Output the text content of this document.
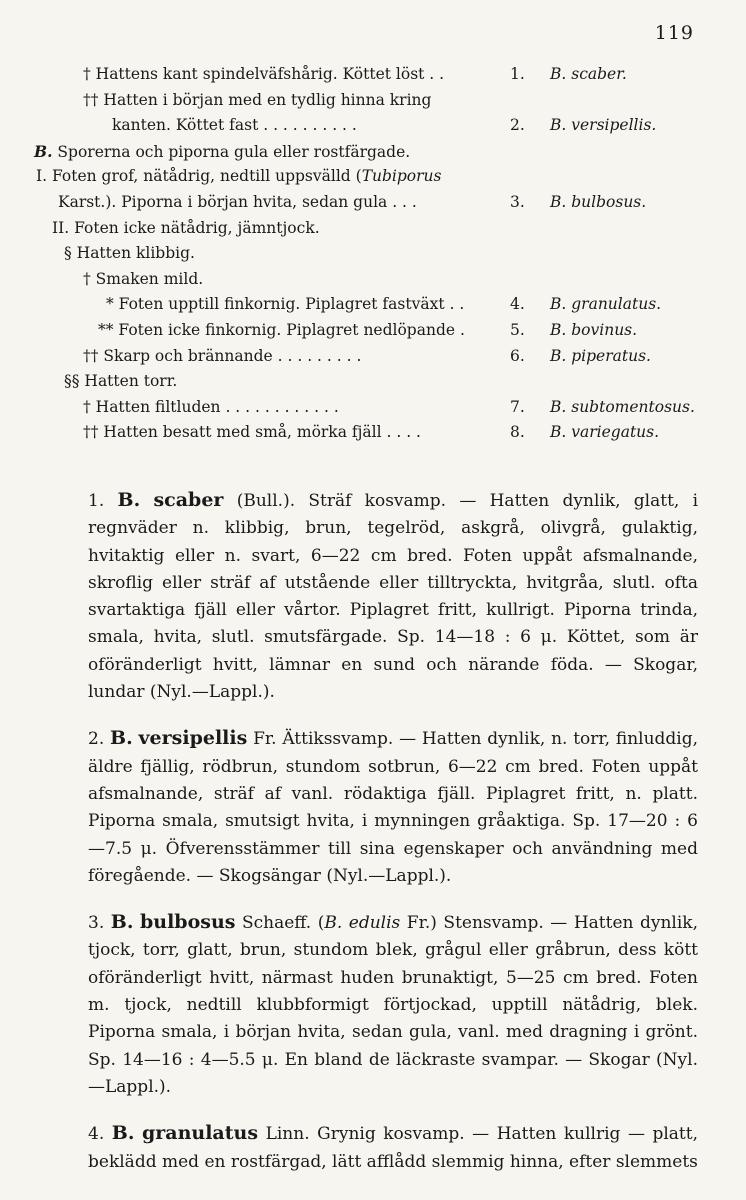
119
† Hattens kant spindelväfshårig. Köttet löst . .	1. B. scaber.
†† Hatten i början med en tydlig hinna kring
kanten. Köttet fast . . . . . . . . . .	2. B. versipellis.
B. Sporerna och piporna gula eller rostfärgade.
I. Foten grof, nätådrig, nedtill uppsvälld (Tubiporus
Karst.). Piporna i början hvita, sedan gula . . .	3. B. bulbosus.
II. Foten icke nätådrig, jämntjock.
§ Hatten klibbig.
† Smaken mild.
* Foten upptill finkornig. Piplagret fastväxt . .	4. B. granulatus.
** Foten icke finkornig. Piplagret nedlöpande .	5. B. bovinus.
†† Skarp och brännande . . . . . . . . .	6. B. piperatus.
§§ Hatten torr.
† Hatten filtluden . . . . . . . . . . . .	7. B. subtomentosus.
†† Hatten besatt med små, mörka fjäll . . . .	8. B. variegatus.

1. B. scaber (Bull.). Sträf kosvamp. — Hatten dynlik, glatt, i regnväder n. klibbig, brun, tegelröd, askgrå, olivgrå, gulaktig, hvitaktig eller n. svart, 6—22 cm bred. Foten uppåt afsmalnande, skroflig eller sträf af utstående eller tilltryckta, hvitgråa, slutl. ofta svartaktiga fjäll eller vårtor. Piplagret fritt, kullrigt. Piporna trinda, smala, hvita, slutl. smutsfärgade. Sp. 14—18 : 6 μ. Köttet, som är oföränderligt hvitt, lämnar en sund och närande föda. — Skogar, lundar (Nyl.—Lappl.).

2. B. versipellis Fr. Ättikssvamp. — Hatten dynlik, n. torr, finluddig, äldre fjällig, rödbrun, stundom sotbrun, 6—22 cm bred. Foten uppåt afsmalnande, sträf af vanl. rödaktiga fjäll. Piplagret fritt, n. platt. Piporna smala, smutsigt hvita, i mynningen gråaktiga. Sp. 17—20 : 6—7.5 μ. Öfverensstämmer till sina egenskaper och användning med föregående. — Skogsängar (Nyl.—Lappl.).

3. B. bulbosus Schaeff. (B. edulis Fr.) Stensvamp. — Hatten dynlik, tjock, torr, glatt, brun, stundom blek, grågul eller gråbrun, dess kött oföränderligt hvitt, närmast huden brunaktigt, 5—25 cm bred. Foten m. tjock, nedtill klubbformigt förtjockad, upptill nätådrig, blek. Piporna smala, i början hvita, sedan gula, vanl. med dragning i grönt. Sp. 14—16 : 4—5.5 μ. En bland de läckraste svampar. — Skogar (Nyl. —Lappl.).

4. B. granulatus Linn. Grynig kosvamp. — Hatten kullrig — platt, beklädd med en rostfärgad, lätt afflådd slemmig hinna, efter slemmets
